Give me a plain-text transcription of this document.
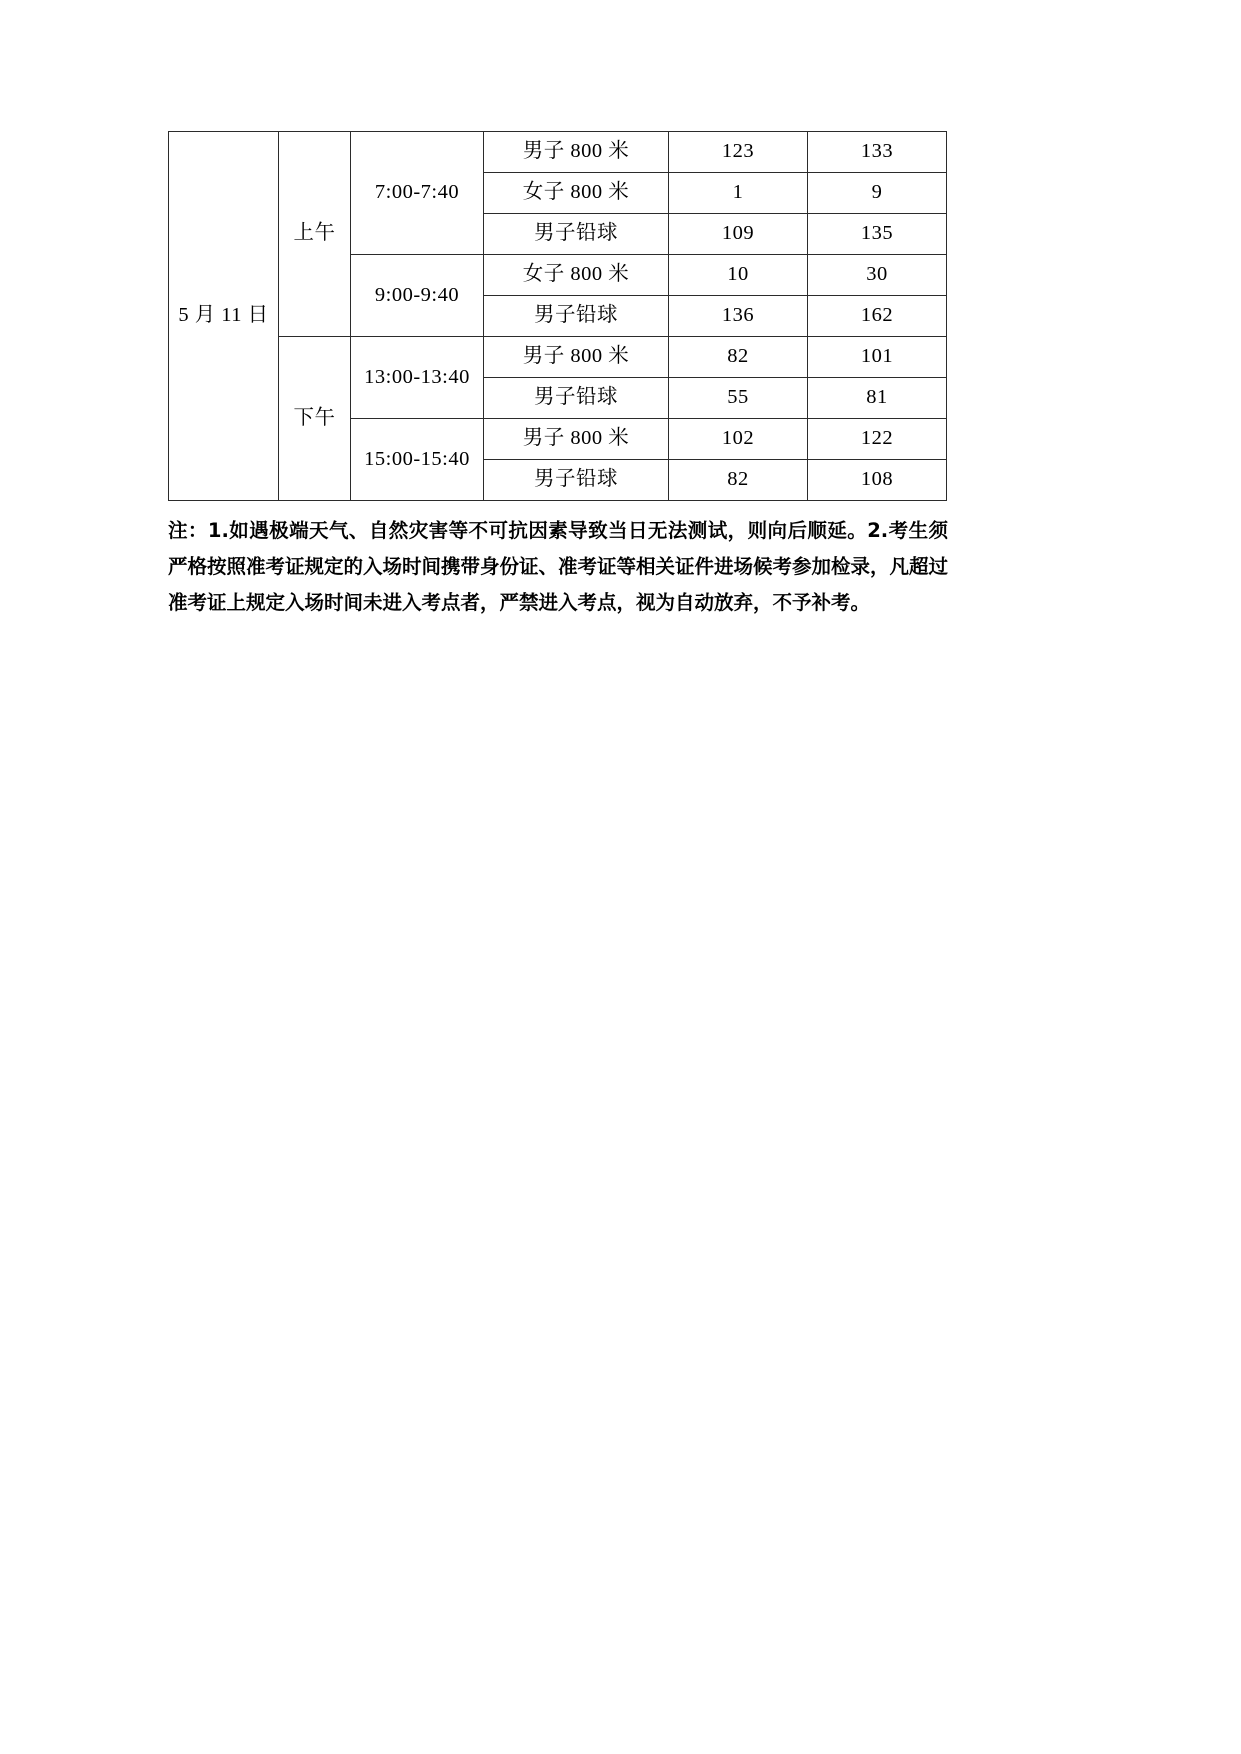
5 月 11 日	上午	7:00-7:40	男子 800 米	123	133
			女子 800 米	1	9
			男子铅球	109	135
		9:00-9:40	女子 800 米	10	30
			男子铅球	136	162
	下午	13:00-13:40	男子 800 米	82	101
			男子铅球	55	81
		15:00-15:40	男子 800 米	102	122
			男子铅球	82	108

注：1.如遇极端天气、自然灾害等不可抗因素导致当日无法测试，则向后顺延。2.考生须严格按照准考证规定的入场时间携带身份证、准考证等相关证件进场候考参加检录，凡超过准考证上规定入场时间未进入考点者，严禁进入考点，视为自动放弃，不予补考。
